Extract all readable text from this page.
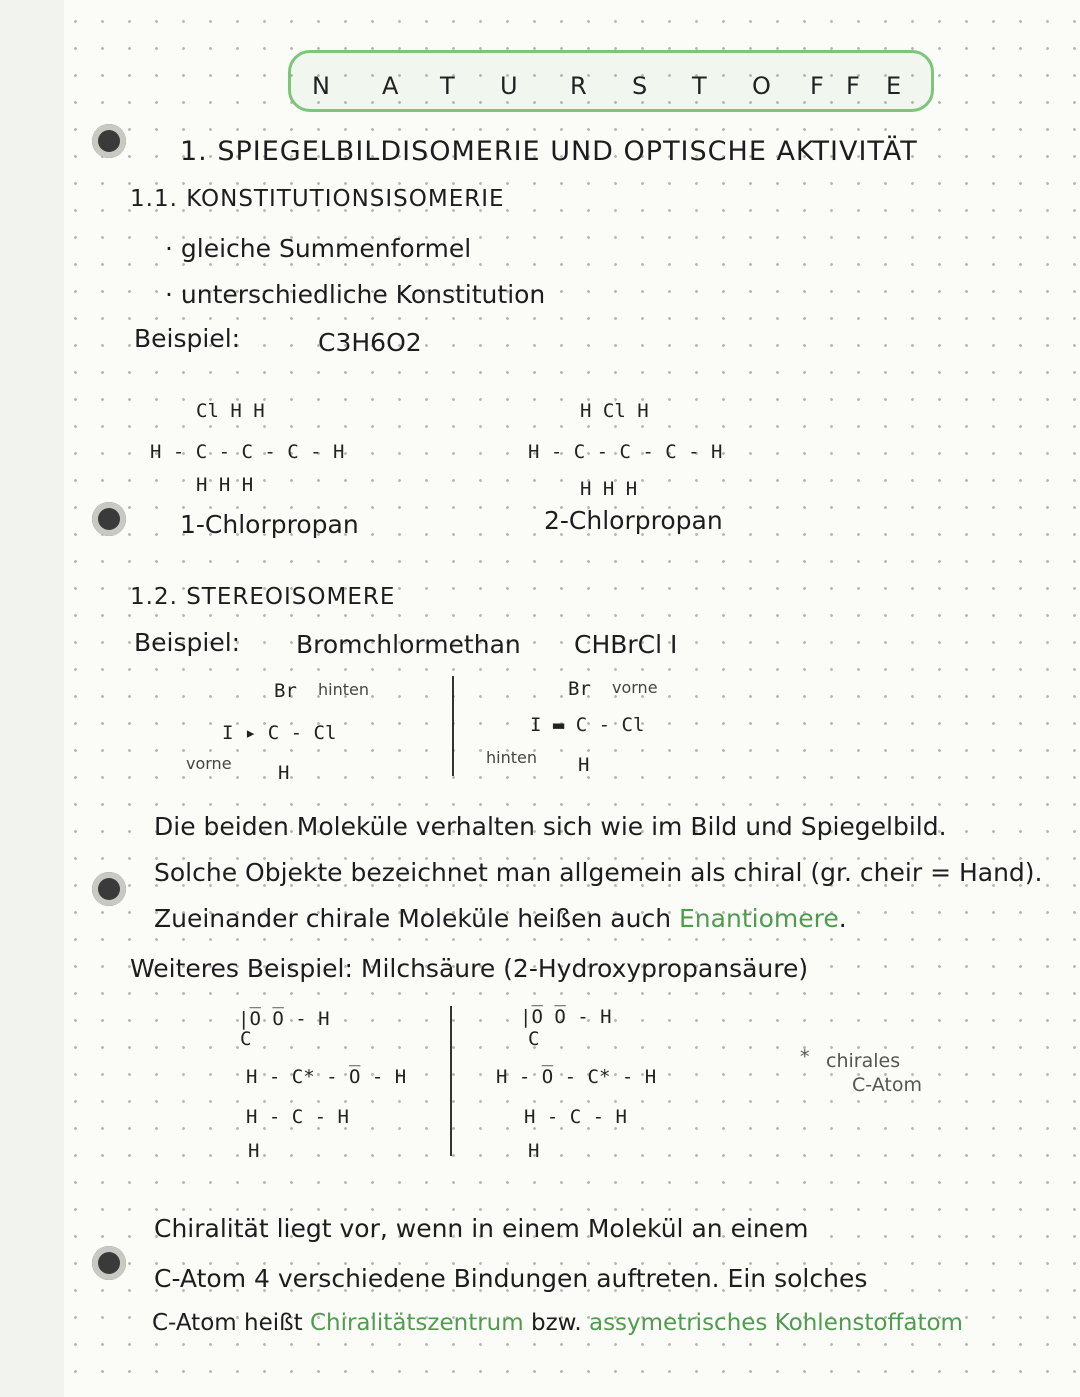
N A T U R S T O F F E
1. SPIEGELBILDISOMERIE UND OPTISCHE AKTIVITÄT
1.1. KONSTITUTIONSISOMERIE
· gleiche Summenformel
· unterschiedliche Konstitution
Beispiel:	C3H6O2
Cl H H
H - C - C - C - H
H H H
1-Chlorpropan
H Cl H
H - C - C - C - H
H H H
2-Chlorpropan
1.2. STEREOISOMERE
Beispiel: Bromchlormethan CHBrCl I
Br hinten
I ▸ C - Cl
vorne H
Br vorne
I ▬ C - Cl
hinten H
Die beiden Moleküle verhalten sich wie im Bild und Spiegelbild.
Solche Objekte bezeichnet man allgemein als chiral (gr. cheir = Hand).
Zueinander chirale Moleküle heißen auch Enantiomere.
Weiteres Beispiel: Milchsäure (2-Hydroxypropansäure)
|O̅ O̅ - H
C
H - C* - O̅ - H
H - C - H
H
|O̅ O̅ - H
C
H - O̅ - C* - H
H - C - H
H
* chirales
C-Atom
Chiralität liegt vor, wenn in einem Molekül an einem
C-Atom 4 verschiedene Bindungen auftreten. Ein solches
C-Atom heißt Chiralitätszentrum bzw. assymetrisches Kohlenstoffatom
